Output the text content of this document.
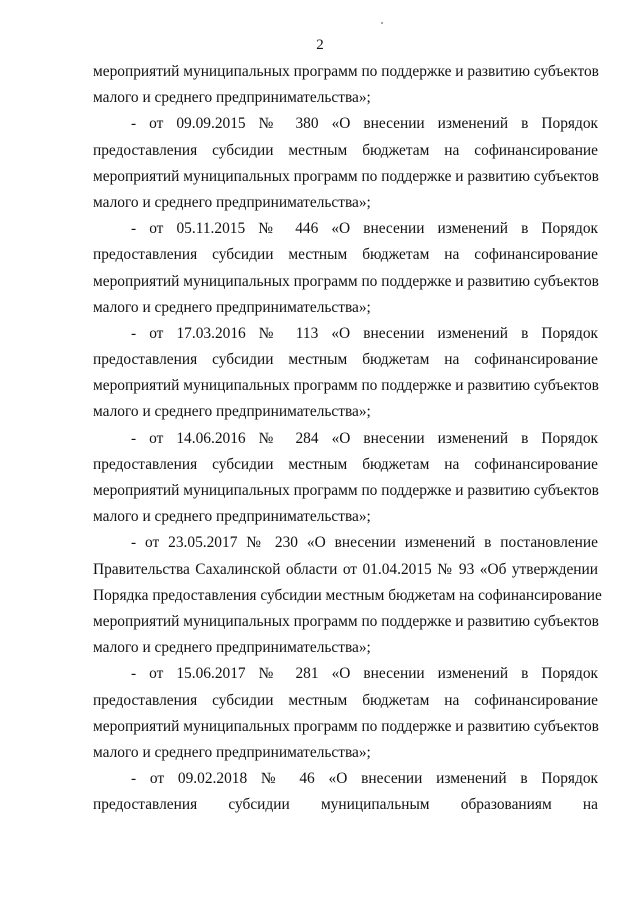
2
мероприятий муниципальных программ по поддержке и развитию субъектов
малого и среднего предпринимательства»;
- от 09.09.2015 № 380 «О внесении изменений в Порядок
предоставления субсидии местным бюджетам на софинансирование
мероприятий муниципальных программ по поддержке и развитию субъектов
малого и среднего предпринимательства»;
- от 05.11.2015 № 446 «О внесении изменений в Порядок
предоставления субсидии местным бюджетам на софинансирование
мероприятий муниципальных программ по поддержке и развитию субъектов
малого и среднего предпринимательства»;
- от 17.03.2016 № 113 «О внесении изменений в Порядок
предоставления субсидии местным бюджетам на софинансирование
мероприятий муниципальных программ по поддержке и развитию субъектов
малого и среднего предпринимательства»;
- от 14.06.2016 № 284 «О внесении изменений в Порядок
предоставления субсидии местным бюджетам на софинансирование
мероприятий муниципальных программ по поддержке и развитию субъектов
малого и среднего предпринимательства»;
- от 23.05.2017 № 230 «О внесении изменений в постановление
Правительства Сахалинской области от 01.04.2015 № 93 «Об утверждении
Порядка предоставления субсидии местным бюджетам на софинансирование
мероприятий муниципальных программ по поддержке и развитию субъектов
малого и среднего предпринимательства»;
- от 15.06.2017 № 281 «О внесении изменений в Порядок
предоставления субсидии местным бюджетам на софинансирование
мероприятий муниципальных программ по поддержке и развитию субъектов
малого и среднего предпринимательства»;
- от 09.02.2018 № 46 «О внесении изменений в Порядок
предоставления субсидии муниципальным образованиям на
